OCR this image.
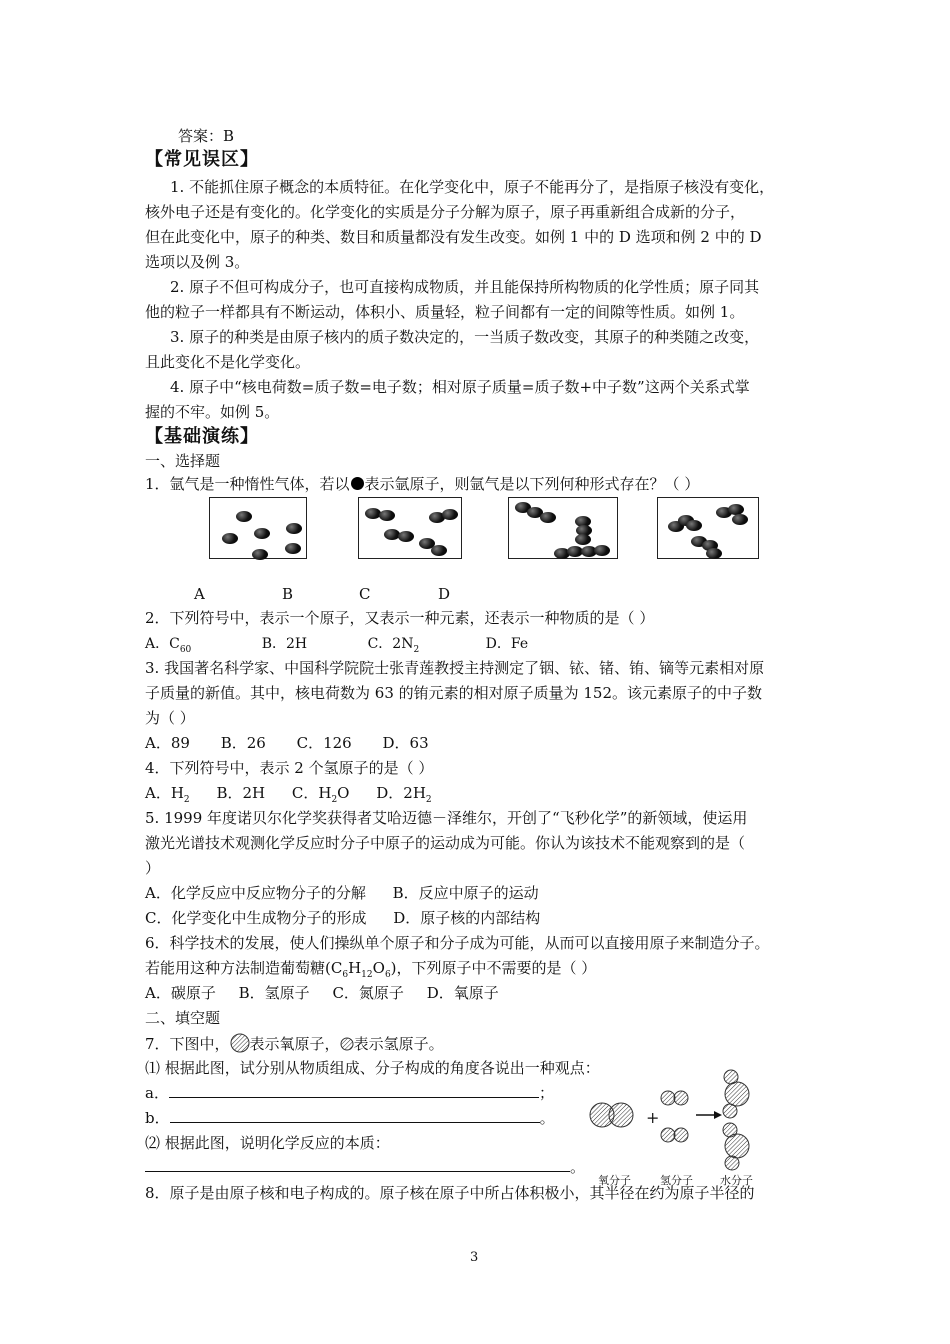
答案：B
【常见误区】
1. 不能抓住原子概念的本质特征。在化学变化中，原子不能再分了，是指原子核没有变化，
核外电子还是有变化的。化学变化的实质是分子分解为原子，原子再重新组合成新的分子，
但在此变化中，原子的种类、数目和质量都没有发生改变。如例 1 中的 D 选项和例 2 中的 D
选项以及例 3。
2. 原子不但可构成分子，也可直接构成物质，并且能保持所构物质的化学性质；原子同其
他的粒子一样都具有不断运动，体积小、质量轻，粒子间都有一定的间隙等性质。如例 1。
3. 原子的种类是由原子核内的质子数决定的，一当质子数改变，其原子的种类随之改变，
且此变化不是化学变化。
4. 原子中“核电荷数=质子数=电子数；相对原子质量=质子数+中子数”这两个关系式掌
握的不牢。如例 5。
【基础演练】
一、选择题
1．氩气是一种惰性气体，若以 表示氩原子，则氩气是以下列何种形式存在？（ ）
A	B	C	D
2．下列符号中，表示一个原子，又表示一种元素，还表示一种物质的是（ ）
A．$C_{60}$	B．2H	C．$2N_2$	D．Fe
3. 我国著名科学家、中国科学院院士张青莲教授主持测定了铟、铱、锗、铕、镝等元素相对原
子质量的新值。其中，核电荷数为 63 的铕元素的相对原子质量为 152。该元素原子的中子数
为（ ）
A．89 B．26 C．126 D．63
4．下列符号中，表示 2 个氢原子的是（ ）
A．$H_2$ B．2H C．$H_2O$ D．$2H_2$
5. 1999 年度诺贝尔化学奖获得者艾哈迈德－泽维尔，开创了“飞秒化学”的新领域，使运用
激光光谱技术观测化学反应时分子中原子的运动成为可能。你认为该技术不能观察到的是（
）
A．化学反应中反应物分子的分解 B．反应中原子的运动
C．化学变化中生成物分子的形成 D．原子核的内部结构
6．科学技术的发展，使人们操纵单个原子和分子成为可能，从而可以直接用原子来制造分子。
若能用这种方法制造葡萄糖$(C_6H_{12}O_6)$，下列原子中不需要的是（ ）
A．碳原子 B．氢原子 C．氮原子 D．氧原子
二、填空题
7．下图中， 表示氧原子， 表示氢原子。
⑴ 根据此图，试分别从物质组成、分子构成的角度各说出一种观点：
a．	；
b．	。
⑵ 根据此图，说明化学反应的本质：
。
+
氧分子	氢分子 水分子
8．原子是由原子核和电子构成的。原子核在原子中所占体积极小，其半径在约为原子半径的
3
